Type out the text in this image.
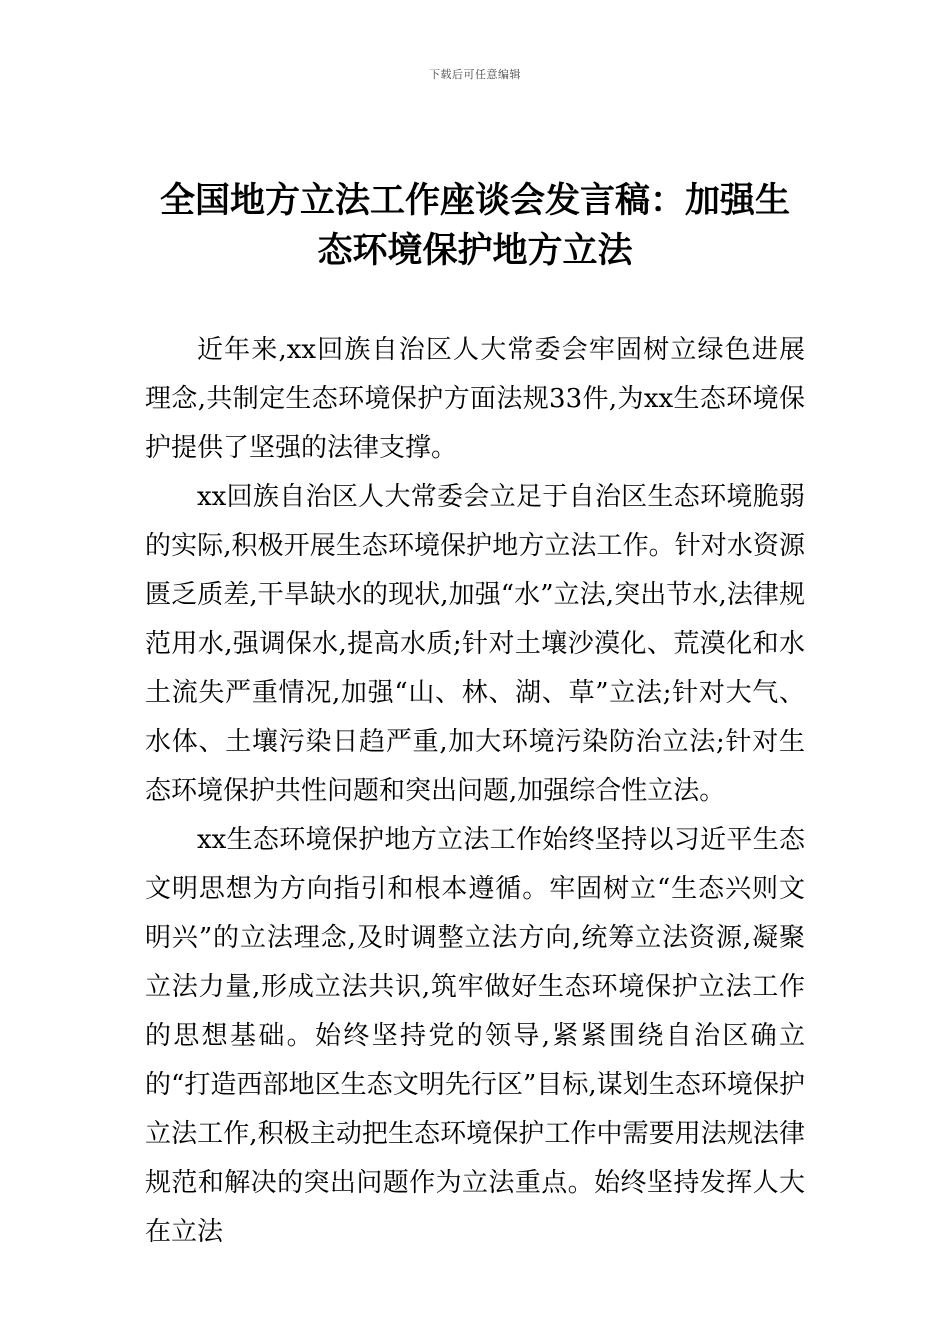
下载后可任意编辑
全国地方立法工作座谈会发言稿：加强生态环境保护地方立法

近年来,xx回族自治区人大常委会牢固树立绿色进展理念,共制定生态环境保护方面法规33件,为xx生态环境保护提供了坚强的法律支撑。

xx回族自治区人大常委会立足于自治区生态环境脆弱的实际,积极开展生态环境保护地方立法工作。针对水资源匮乏质差,干旱缺水的现状,加强“水”立法,突出节水,法律规范用水,强调保水,提高水质;针对土壤沙漠化、荒漠化和水土流失严重情况,加强“山、林、湖、草”立法;针对大气、水体、土壤污染日趋严重,加大环境污染防治立法;针对生态环境保护共性问题和突出问题,加强综合性立法。

xx生态环境保护地方立法工作始终坚持以习近平生态文明思想为方向指引和根本遵循。牢固树立“生态兴则文明兴”的立法理念,及时调整立法方向,统筹立法资源,凝聚立法力量,形成立法共识,筑牢做好生态环境保护立法工作的思想基础。始终坚持党的领导,紧紧围绕自治区确立的“打造西部地区生态文明先行区”目标,谋划生态环境保护立法工作,积极主动把生态环境保护工作中需要用法规法律规范和解决的突出问题作为立法重点。始终坚持发挥人大在立法
